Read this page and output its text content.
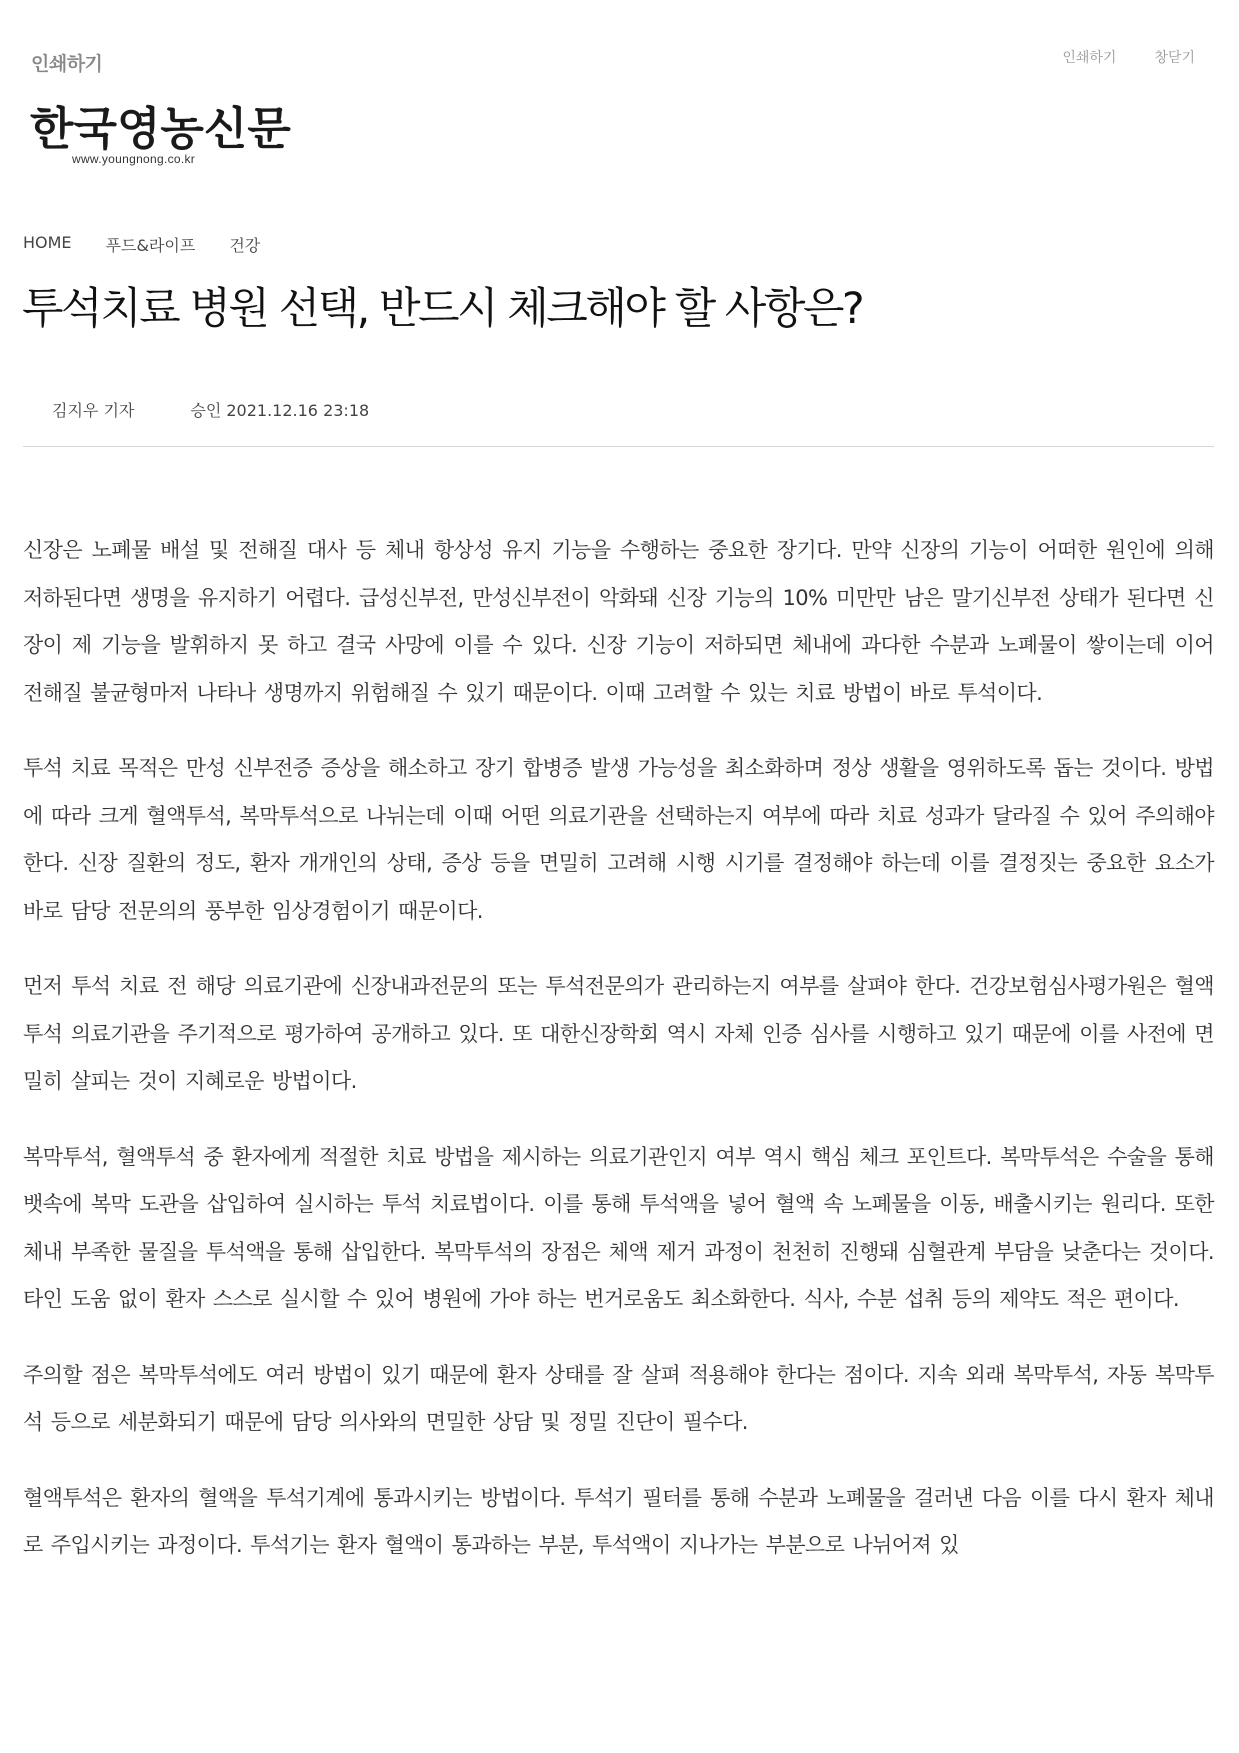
인쇄하기	인쇄하기	창닫기
한국영농신문
www.youngnong.co.kr
HOME 푸드&라이프 건강
투석치료 병원 선택, 반드시 체크해야 할 사항은?
김지우 기자	승인 2021.12.16 23:18

신장은 노폐물 배설 및 전해질 대사 등 체내 항상성 유지 기능을 수행하는 중요한 장기다. 만약 신장의 기능이 어떠한 원인에 의해 저하된다면 생명을 유지하기 어렵다. 급성신부전, 만성신부전이 악화돼 신장 기능의 10% 미만만 남은 말기신부전 상태가 된다면 신장이 제 기능을 발휘하지 못 하고 결국 사망에 이를 수 있다. 신장 기능이 저하되면 체내에 과다한 수분과 노폐물이 쌓이는데 이어 전해질 불균형마저 나타나 생명까지 위험해질 수 있기 때문이다. 이때 고려할 수 있는 치료 방법이 바로 투석이다.

투석 치료 목적은 만성 신부전증 증상을 해소하고 장기 합병증 발생 가능성을 최소화하며 정상 생활을 영위하도록 돕는 것이다. 방법에 따라 크게 혈액투석, 복막투석으로 나뉘는데 이때 어떤 의료기관을 선택하는지 여부에 따라 치료 성과가 달라질 수 있어 주의해야 한다. 신장 질환의 정도, 환자 개개인의 상태, 증상 등을 면밀히 고려해 시행 시기를 결정해야 하는데 이를 결정짓는 중요한 요소가 바로 담당 전문의의 풍부한 임상경험이기 때문이다.

먼저 투석 치료 전 해당 의료기관에 신장내과전문의 또는 투석전문의가 관리하는지 여부를 살펴야 한다. 건강보험심사평가원은 혈액투석 의료기관을 주기적으로 평가하여 공개하고 있다. 또 대한신장학회 역시 자체 인증 심사를 시행하고 있기 때문에 이를 사전에 면밀히 살피는 것이 지혜로운 방법이다.

복막투석, 혈액투석 중 환자에게 적절한 치료 방법을 제시하는 의료기관인지 여부 역시 핵심 체크 포인트다. 복막투석은 수술을 통해 뱃속에 복막 도관을 삽입하여 실시하는 투석 치료법이다. 이를 통해 투석액을 넣어 혈액 속 노폐물을 이동, 배출시키는 원리다. 또한 체내 부족한 물질을 투석액을 통해 삽입한다. 복막투석의 장점은 체액 제거 과정이 천천히 진행돼 심혈관계 부담을 낮춘다는 것이다. 타인 도움 없이 환자 스스로 실시할 수 있어 병원에 가야 하는 번거로움도 최소화한다. 식사, 수분 섭취 등의 제약도 적은 편이다.

주의할 점은 복막투석에도 여러 방법이 있기 때문에 환자 상태를 잘 살펴 적용해야 한다는 점이다. 지속 외래 복막투석, 자동 복막투석 등으로 세분화되기 때문에 담당 의사와의 면밀한 상담 및 정밀 진단이 필수다.

혈액투석은 환자의 혈액을 투석기계에 통과시키는 방법이다. 투석기 필터를 통해 수분과 노폐물을 걸러낸 다음 이를 다시 환자 체내로 주입시키는 과정이다. 투석기는 환자 혈액이 통과하는 부분, 투석액이 지나가는 부분으로 나뉘어져 있
